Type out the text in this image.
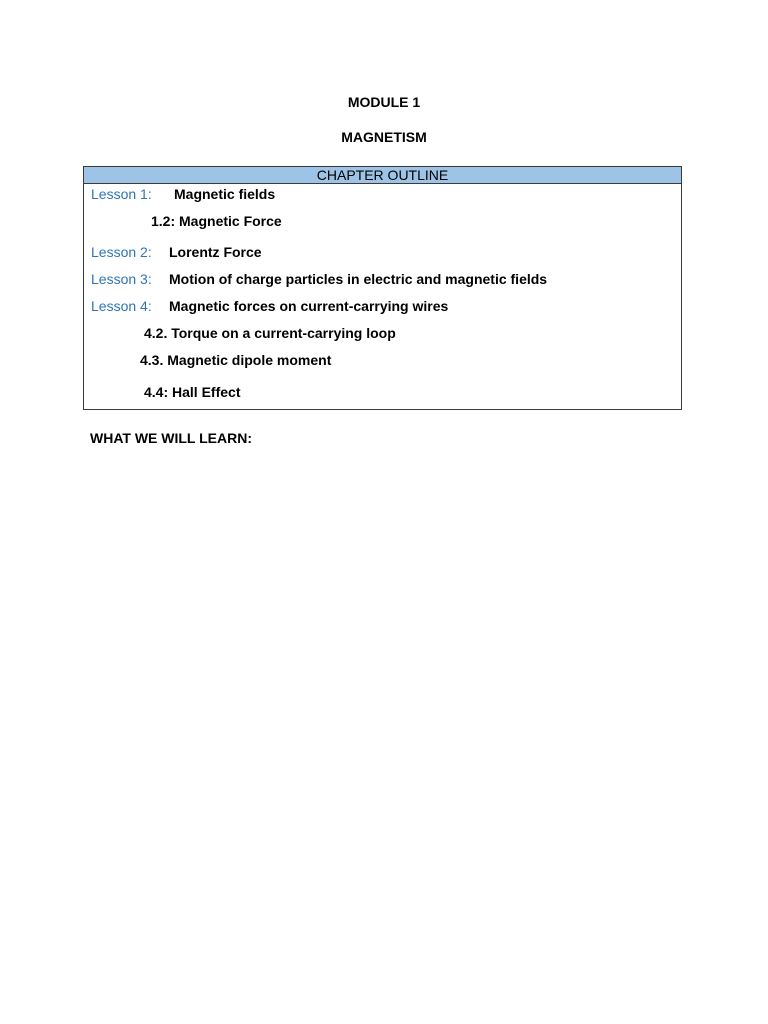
MODULE 1
MAGNETISM
CHAPTER OUTLINE
Lesson 1: Magnetic fields
1.2: Magnetic Force
Lesson 2: Lorentz Force
Lesson 3: Motion of charge particles in electric and magnetic fields
Lesson 4: Magnetic forces on current-carrying wires
4.2. Torque on a current-carrying loop
4.3. Magnetic dipole moment
4.4: Hall Effect
WHAT WE WILL LEARN:
